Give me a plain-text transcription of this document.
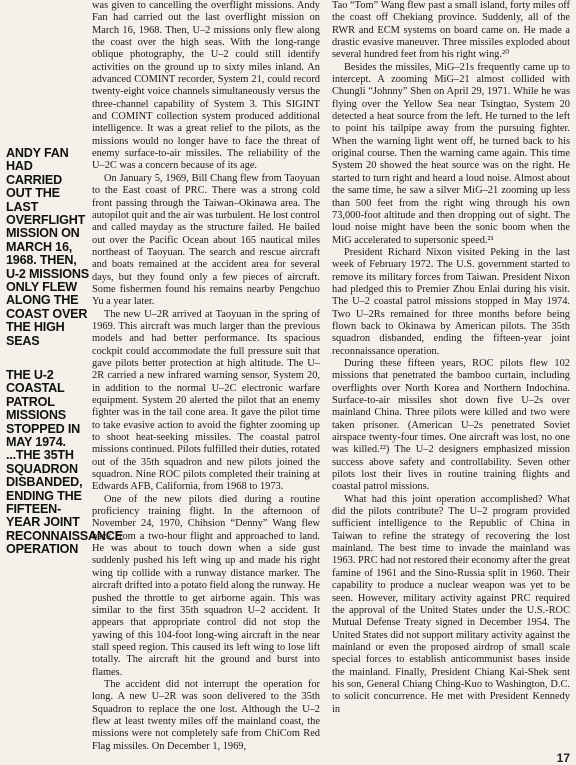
ANDY FAN HAD CARRIED OUT THE LAST OVERFLIGHT MISSION ON MARCH 16, 1968. THEN, U-2 MISSIONS ONLY FLEW ALONG THE COAST OVER THE HIGH SEAS
THE U-2 COASTAL PATROL MISSIONS STOPPED IN MAY 1974. ...THE 35TH SQUADRON DISBANDED, ENDING THE FIFTEEN-YEAR JOINT RECONNAISSANCE OPERATION

was given to cancelling the overflight missions. Andy Fan had carried out the last overflight mission on March 16, 1968. Then, U–2 missions only flew along the coast over the high seas. With the long-range oblique photography, the U–2 could still identify activities on the ground up to sixty miles inland. An advanced COMINT recorder, System 21, could record twenty-eight voice channels simultaneously versus the three-channel capability of System 3. This SIGINT and COMINT collection system produced additional intelligence. It was a great relief to the pilots, as the missions would no longer have to face the threat of enemy surface-to-air missiles. The reliability of the U–2C was a concern because of its age.

On January 5, 1969, Bill Chang flew from Taoyuan to the East coast of PRC. There was a strong cold front passing through the Taiwan–Okinawa area. The autopilot quit and the air was turbulent. He lost control and called mayday as the structure failed. He bailed out over the Pacific Ocean about 165 nautical miles northeast of Taoyuan. The search and rescue aircraft and boats remained at the accident area for several days, but they found only a few pieces of aircraft. Some fishermen found his remains nearby Pengchuo Yu a year later.

The new U–2R arrived at Taoyuan in the spring of 1969. This aircraft was much larger than the previous models and had better performance. Its spacious cockpit could accommodate the full pressure suit that gave pilots better protection at high altitude. The U–2R carried a new infrared warning sensor, System 20, in addition to the normal U–2C electronic warfare equipment. System 20 alerted the pilot that an enemy fighter was in the tail cone area. It gave the pilot time to take evasive action to avoid the fighter zooming up to shoot heat-seeking missiles. The coastal patrol missions continued. Pilots fulfilled their duties, rotated out of the 35th squadron and new pilots joined the squadron. Nine ROC pilots completed their training at Edwards AFB, California, from 1968 to 1973.

One of the new pilots died during a routine proficiency training flight. In the afternoon of November 24, 1970, Chihsion “Denny” Wang flew back from a two-hour flight and approached to land. He was about to touch down when a side gust suddenly pushed his left wing up and made his right wing tip collide with a runway distance marker. The aircraft drifted into a potato field along the runway. He pushed the throttle to get airborne again. This was similar to the first 35th squadron U–2 accident. It appears that appropriate control did not stop the yawing of this 104-foot long-wing aircraft in the near stall speed region. This caused its left wing to lose lift totally. The aircraft hit the ground and burst into flames.

The accident did not interrupt the operation for long. A new U–2R was soon delivered to the 35th Squadron to replace the one lost. Although the U–2 flew at least twenty miles off the mainland coast, the missions were not completely safe from ChiCom Red Flag missiles. On December 1, 1969,

Tao “Tom” Wang flew past a small island, forty miles off the coast off Chekiang province. Suddenly, all of the RWR and ECM systems on board came on. He made a drastic evasive maneuver. Three missiles exploded about several hundred feet from his right wing.²⁰

Besides the missiles, MiG–21s frequently came up to intercept. A zooming MiG–21 almost collided with Chungli “Johnny” Shen on April 29, 1971. While he was flying over the Yellow Sea near Tsingtao, System 20 detected a heat source from the left. He turned to the left to point his tailpipe away from the pursuing fighter. When the warning light went off, he turned back to his original course. Then the warning came again. This time System 20 showed the heat source was on the right. He started to turn right and heard a loud noise. Almost about the same time, he saw a silver MiG–21 zooming up less than 500 feet from the right wing through his own 73,000-foot altitude and then dropping out of sight. The loud noise might have been the sonic boom when the MiG accelerated to supersonic speed.²¹

President Richard Nixon visited Peking in the last week of February 1972. The U.S. government started to remove its military forces from Taiwan. President Nixon had pledged this to Premier Zhou Enlai during his visit. The U–2 coastal patrol missions stopped in May 1974. Two U–2Rs remained for three months before being flown back to Okinawa by American pilots. The 35th squadron disbanded, ending the fifteen-year joint reconnaissance operation.

During these fifteen years, ROC pilots flew 102 missions that penetrated the bamboo curtain, including overflights over North Korea and Northern Indochina. Surface-to-air missiles shot down five U–2s over mainland China. Three pilots were killed and two were taken prisoner. (American U–2s penetrated Soviet airspace twenty-four times. One aircraft was lost, no one was killed.²²) The U–2 designers emphasized mission success above safety and controllability. Seven other pilots lost their lives in routine training flights and coastal patrol missions.

What had this joint operation accomplished? What did the pilots contribute? The U–2 program provided sufficient intelligence to the Republic of China in Taiwan to refine the strategy of recovering the lost mainland. The best time to invade the mainland was 1963. PRC had not restored their economy after the great famine of 1961 and the Sino-Russia split in 1960. Their capability to produce a nuclear weapon was yet to be seen. However, military activity against PRC required the approval of the United States under the U.S.-ROC Mutual Defense Treaty signed in December 1954. The United States did not support military activity against the mainland or even the proposed airdrop of small scale special forces to establish anticommunist bases inside the mainland. Finally, President Chiang Kai-Shek sent his son, General Chiang Ching-Kuo to Washington, D.C. to solicit concurrence. He met with President Kennedy in

17
